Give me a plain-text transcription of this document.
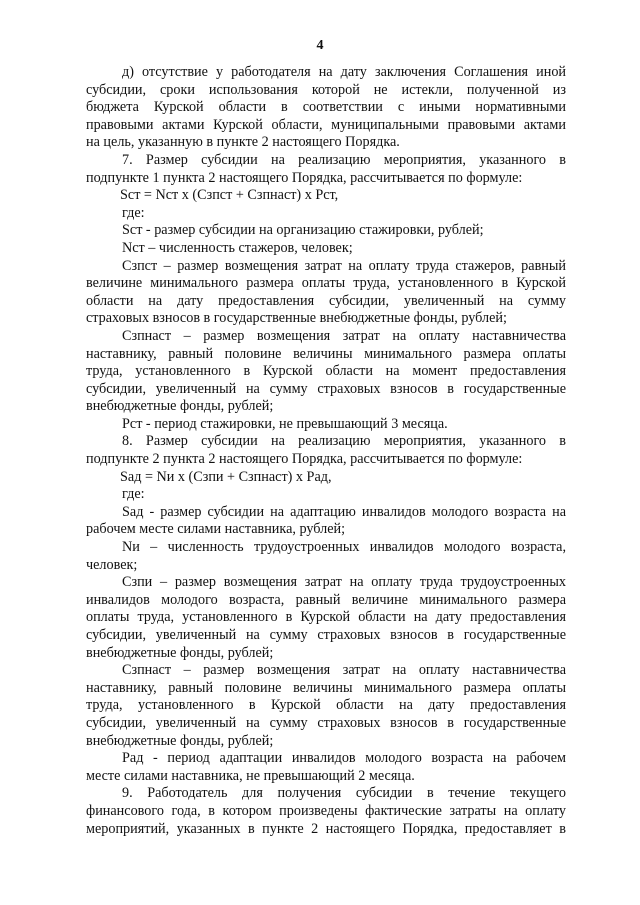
4
д) отсутствие у работодателя на дату заключения Соглашения иной
субсидии, сроки использования которой не истекли, полученной из
бюджета Курской области в соответствии с иными нормативными
правовыми актами Курской области, муниципальными правовыми актами
на цель, указанную в пункте 2 настоящего Порядка.
7. Размер субсидии на реализацию мероприятия, указанного в
подпункте 1 пункта 2 настоящего Порядка, рассчитывается по формуле:
Sст = Nст x (Сзпст + Сзпнаст) x Рст,
где:
Sст - размер субсидии на организацию стажировки, рублей;
Nст – численность стажеров, человек;
Сзпст – размер возмещения затрат на оплату труда стажеров, равный
величине минимального размера оплаты труда, установленного в Курской
области на дату предоставления субсидии, увеличенный на сумму
страховых взносов в государственные внебюджетные фонды, рублей;
Сзпнаст – размер возмещения затрат на оплату наставничества
наставнику, равный половине величины минимального размера оплаты
труда, установленного в Курской области на момент предоставления
субсидии, увеличенный на сумму страховых взносов в государственные
внебюджетные фонды, рублей;
Рст - период стажировки, не превышающий 3 месяца.
8. Размер субсидии на реализацию мероприятия, указанного в
подпункте 2 пункта 2 настоящего Порядка, рассчитывается по формуле:
Sад = Nи x (Сзпи + Сзпнаст) x Рад,
где:
Sад - размер субсидии на адаптацию инвалидов молодого возраста на
рабочем месте силами наставника, рублей;
Nи – численность трудоустроенных инвалидов молодого возраста,
человек;
Сзпи – размер возмещения затрат на оплату труда трудоустроенных
инвалидов молодого возраста, равный величине минимального размера
оплаты труда, установленного в Курской области на дату предоставления
субсидии, увеличенный на сумму страховых взносов в государственные
внебюджетные фонды, рублей;
Сзпнаст – размер возмещения затрат на оплату наставничества
наставнику, равный половине величины минимального размера оплаты
труда, установленного в Курской области на дату предоставления
субсидии, увеличенный на сумму страховых взносов в государственные
внебюджетные фонды, рублей;
Рад - период адаптации инвалидов молодого возраста на рабочем
месте силами наставника, не превышающий 2 месяца.
9. Работодатель для получения субсидии в течение текущего
финансового года, в котором произведены фактические затраты на оплату
мероприятий, указанных в пункте 2 настоящего Порядка, предоставляет в
